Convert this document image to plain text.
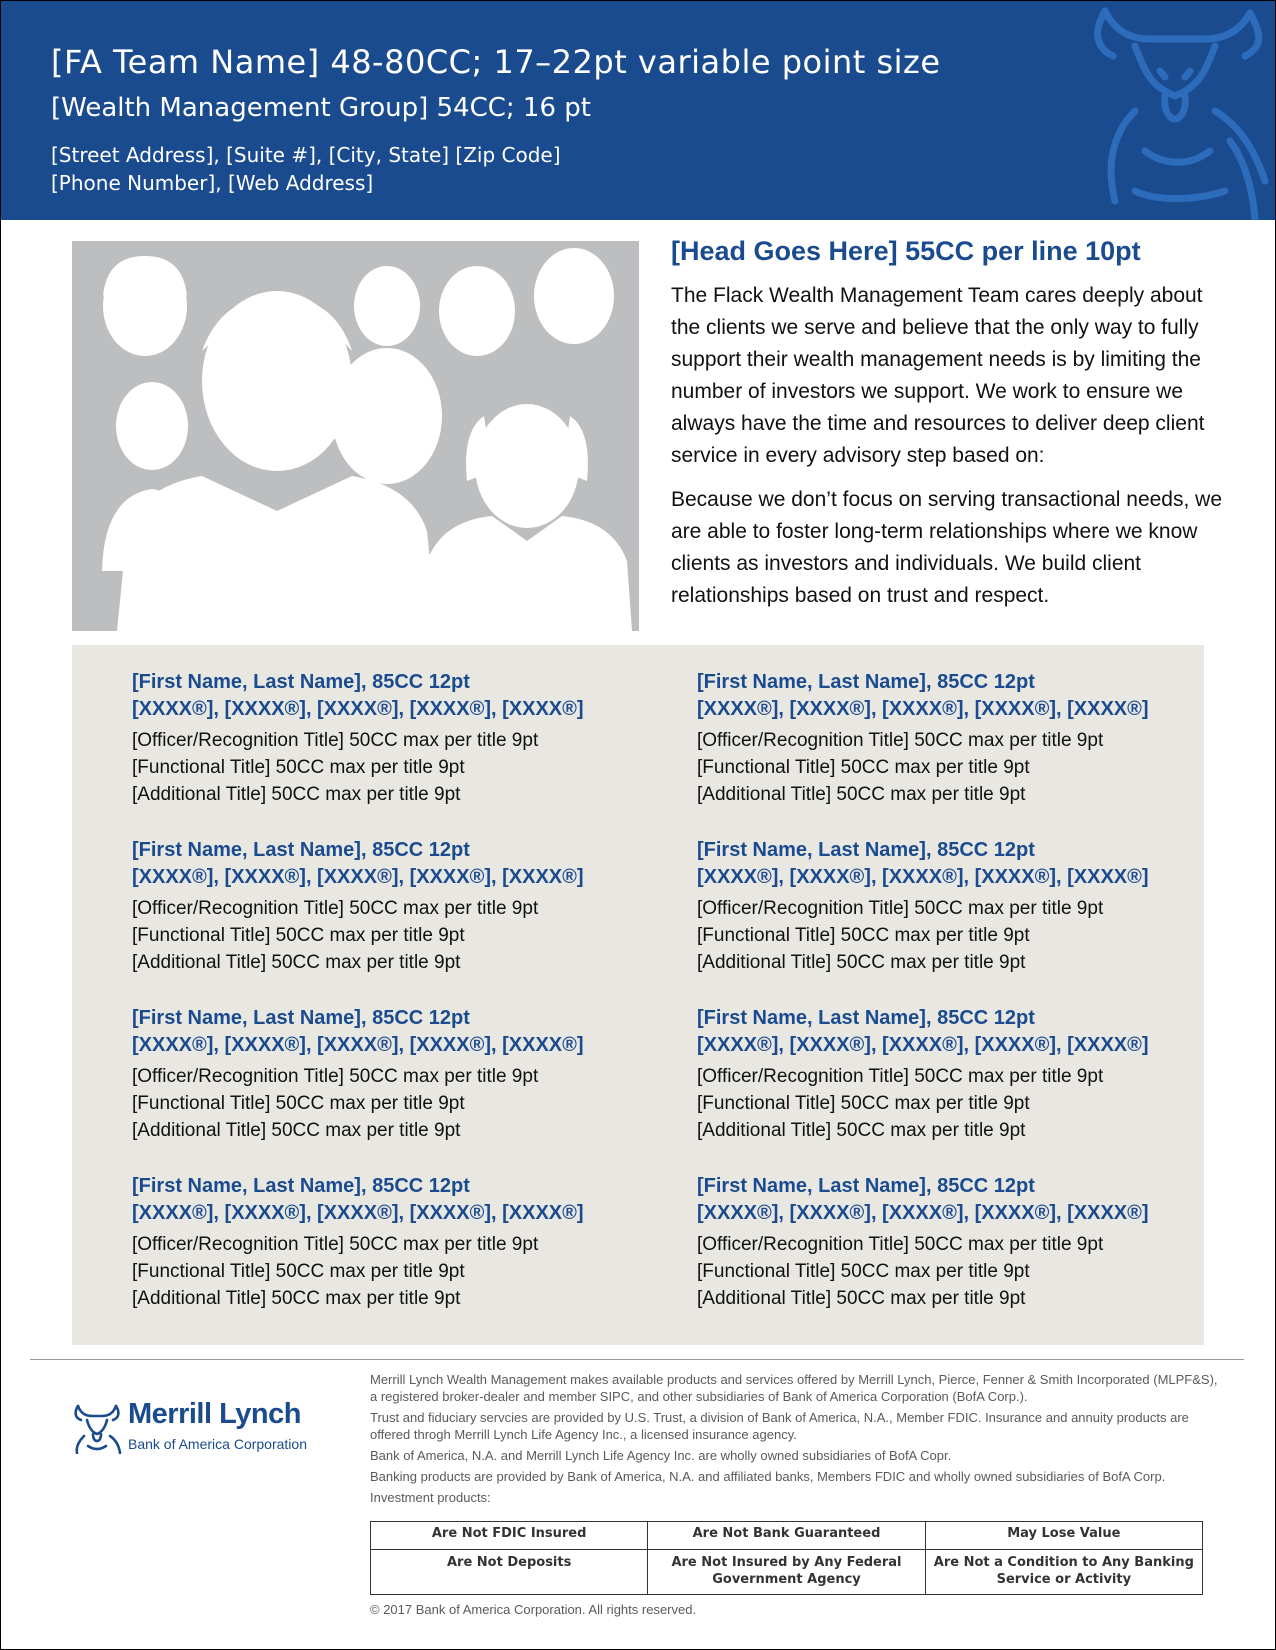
[FA Team Name] 48-80CC; 17–22pt variable point size
[Wealth Management Group] 54CC; 16 pt
[Street Address], [Suite #], [City, State] [Zip Code]
[Phone Number], [Web Address]
[Head Goes Here] 55CC per line 10pt

The Flack Wealth Management Team cares deeply about the clients we serve and believe that the only way to fully support their wealth management needs is by limiting the number of investors we support. We work to ensure we always have the time and resources to deliver deep client service in every advisory step based on:

Because we don’t focus on serving transactional needs, we are able to foster long-term relationships where we know clients as investors and individuals. We build client relationships based on trust and respect.

[First Name, Last Name], 85CC 12pt
[XXXX®], [XXXX®], [XXXX®], [XXXX®], [XXXX®]
[Officer/Recognition Title] 50CC max per title 9pt
[Functional Title] 50CC max per title 9pt
[Additional Title] 50CC max per title 9pt
[First Name, Last Name], 85CC 12pt
[XXXX®], [XXXX®], [XXXX®], [XXXX®], [XXXX®]
[Officer/Recognition Title] 50CC max per title 9pt
[Functional Title] 50CC max per title 9pt
[Additional Title] 50CC max per title 9pt
[First Name, Last Name], 85CC 12pt
[XXXX®], [XXXX®], [XXXX®], [XXXX®], [XXXX®]
[Officer/Recognition Title] 50CC max per title 9pt
[Functional Title] 50CC max per title 9pt
[Additional Title] 50CC max per title 9pt
[First Name, Last Name], 85CC 12pt
[XXXX®], [XXXX®], [XXXX®], [XXXX®], [XXXX®]
[Officer/Recognition Title] 50CC max per title 9pt
[Functional Title] 50CC max per title 9pt
[Additional Title] 50CC max per title 9pt
[First Name, Last Name], 85CC 12pt
[XXXX®], [XXXX®], [XXXX®], [XXXX®], [XXXX®]
[Officer/Recognition Title] 50CC max per title 9pt
[Functional Title] 50CC max per title 9pt
[Additional Title] 50CC max per title 9pt
[First Name, Last Name], 85CC 12pt
[XXXX®], [XXXX®], [XXXX®], [XXXX®], [XXXX®]
[Officer/Recognition Title] 50CC max per title 9pt
[Functional Title] 50CC max per title 9pt
[Additional Title] 50CC max per title 9pt
[First Name, Last Name], 85CC 12pt
[XXXX®], [XXXX®], [XXXX®], [XXXX®], [XXXX®]
[Officer/Recognition Title] 50CC max per title 9pt
[Functional Title] 50CC max per title 9pt
[Additional Title] 50CC max per title 9pt
[First Name, Last Name], 85CC 12pt
[XXXX®], [XXXX®], [XXXX®], [XXXX®], [XXXX®]
[Officer/Recognition Title] 50CC max per title 9pt
[Functional Title] 50CC max per title 9pt
[Additional Title] 50CC max per title 9pt
Merrill Lynch
Bank of America Corporation

Merrill Lynch Wealth Management makes available products and services offered by Merrill Lynch, Pierce, Fenner & Smith Incorporated (MLPF&S), a registered broker-dealer and member SIPC, and other subsidiaries of Bank of America Corporation (BofA Corp.).

Trust and fiduciary servcies are provided by U.S. Trust, a division of Bank of America, N.A., Member FDIC. Insurance and annuity products are offered throgh Merrill Lynch Life Agency Inc., a licensed insurance agency.

Bank of America, N.A. and Merrill Lynch Life Agency Inc. are wholly owned subsidiaries of BofA Copr.

Banking products are provided by Bank of America, N.A. and affiliated banks, Members FDIC and wholly owned subsidiaries of BofA Corp.

Investment products:

Are Not FDIC Insured	Are Not Bank Guaranteed	May Lose Value
Are Not Deposits	Are Not Insured by Any Federal Government Agency	Are Not a Condition to Any Banking Service or Activity
© 2017 Bank of America Corporation. All rights reserved.
